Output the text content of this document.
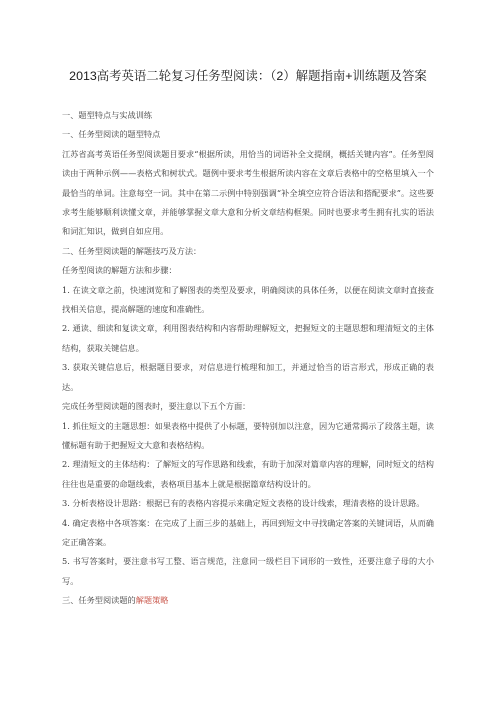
2013高考英语二轮复习任务型阅读：（2）解题指南+训练题及答案

一、题型特点与实战训练

一、任务型阅读的题型特点

江苏省高考英语任务型阅读题目要求“根据所读，用恰当的词语补全文提纲，概括关键内容”。任务型阅读由于两种示例——表格式和树状式。题例中要求考生根据所读内容在文章后表格中的空格里填入一个最恰当的单词。注意每空一词。其中在第二示例中特别强调“补全填空应符合语法和搭配要求”。这些要求考生能够顺利读懂文章，并能够掌握文章大意和分析文章结构框架。同时也要求考生拥有扎实的语法和词汇知识，做到自如应用。

二、任务型阅读题的解题技巧及方法：

任务型阅读的解题方法和步骤：

1. 在读文章之前，快速浏览和了解图表的类型及要求，明确阅读的具体任务，以便在阅读文章时直接查找相关信息，提高解题的速度和准确性。

2. 通读、细读和复读文章，利用图表结构和内容帮助理解短文，把握短文的主题思想和理清短文的主体结构，获取关键信息。

3. 获取关键信息后，根据题目要求，对信息进行梳理和加工，并通过恰当的语言形式，形成正确的表达。

完成任务型阅读题的图表时，要注意以下五个方面：

1. 抓住短文的主题思想：如果表格中提供了小标题，要特别加以注意，因为它通常揭示了段落主题，读懂标题有助于把握短文大意和表格结构。

2. 理清短文的主体结构：了解短文的写作思路和线索，有助于加深对篇章内容的理解，同时短文的结构往往也是重要的命题线索，表格项目基本上就是根据篇章结构设计的。

3. 分析表格设计思路：根据已有的表格内容提示来确定短文表格的设计线索，理清表格的设计思路。

4. 确定表格中各项答案：在完成了上面三步的基础上，再回到短文中寻找确定答案的关键词语，从而确定正确答案。

5. 书写答案时，要注意书写工整、语言规范，注意同一级栏目下词形的一致性，还要注意子母的大小写。

三、任务型阅读题的解题策略
